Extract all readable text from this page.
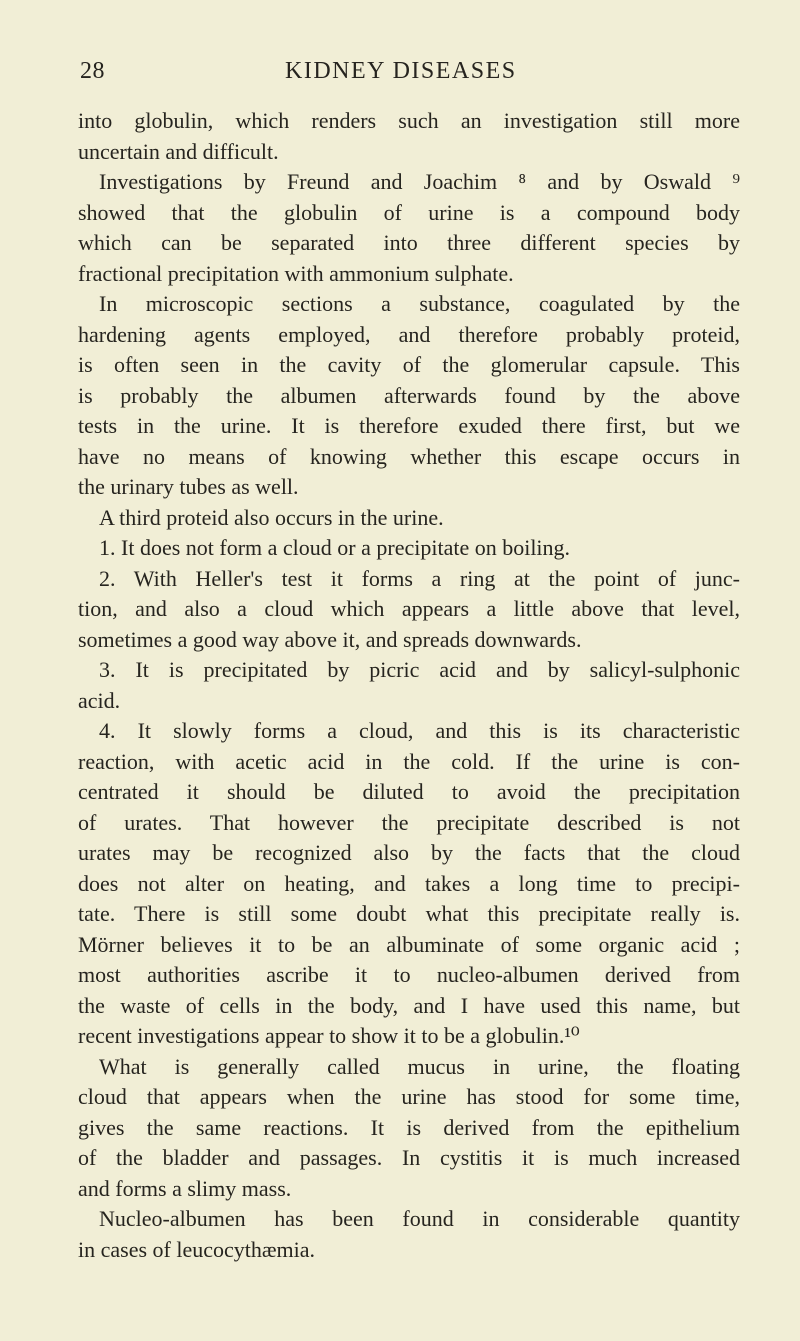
28	KIDNEY DISEASES
into globulin, which renders such an investigation still more
uncertain and difficult.
Investigations by Freund and Joachim ⁸ and by Oswald ⁹
showed that the globulin of urine is a compound body
which can be separated into three different species by
fractional precipitation with ammonium sulphate.
In microscopic sections a substance, coagulated by the
hardening agents employed, and therefore probably proteid,
is often seen in the cavity of the glomerular capsule. This
is probably the albumen afterwards found by the above
tests in the urine. It is therefore exuded there first, but we
have no means of knowing whether this escape occurs in
the urinary tubes as well.
A third proteid also occurs in the urine.
1. It does not form a cloud or a precipitate on boiling.
2. With Heller's test it forms a ring at the point of junc-
tion, and also a cloud which appears a little above that level,
sometimes a good way above it, and spreads downwards.
3. It is precipitated by picric acid and by salicyl-sulphonic
acid.
4. It slowly forms a cloud, and this is its characteristic
reaction, with acetic acid in the cold. If the urine is con-
centrated it should be diluted to avoid the precipitation
of urates. That however the precipitate described is not
urates may be recognized also by the facts that the cloud
does not alter on heating, and takes a long time to precipi-
tate. There is still some doubt what this precipitate really is.
Mörner believes it to be an albuminate of some organic acid ;
most authorities ascribe it to nucleo-albumen derived from
the waste of cells in the body, and I have used this name, but
recent investigations appear to show it to be a globulin.¹⁰
What is generally called mucus in urine, the floating
cloud that appears when the urine has stood for some time,
gives the same reactions. It is derived from the epithelium
of the bladder and passages. In cystitis it is much increased
and forms a slimy mass.
Nucleo-albumen has been found in considerable quantity
in cases of leucocythæmia.
